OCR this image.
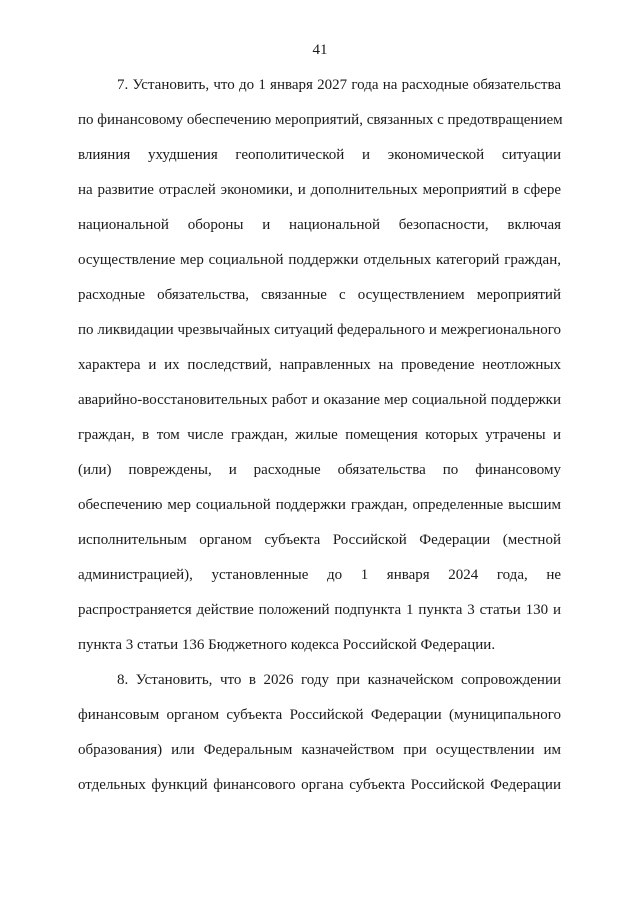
41
7. Установить, что до 1 января 2027 года на расходные обязательства
по финансовому обеспечению мероприятий, связанных с предотвращением
влияния ухудшения геополитической и экономической ситуации
на развитие отраслей экономики, и дополнительных мероприятий в сфере
национальной обороны и национальной безопасности, включая
осуществление мер социальной поддержки отдельных категорий граждан,
расходные обязательства, связанные с осуществлением мероприятий
по ликвидации чрезвычайных ситуаций федерального и межрегионального
характера и их последствий, направленных на проведение неотложных
аварийно-восстановительных работ и оказание мер социальной поддержки
граждан, в том числе граждан, жилые помещения которых утрачены и
(или) повреждены, и расходные обязательства по финансовому
обеспечению мер социальной поддержки граждан, определенные высшим
исполнительным органом субъекта Российской Федерации (местной
администрацией), установленные до 1 января 2024 года, не
распространяется действие положений подпункта 1 пункта 3 статьи 130 и
пункта 3 статьи 136 Бюджетного кодекса Российской Федерации.
8. Установить, что в 2026 году при казначейском сопровождении
финансовым органом субъекта Российской Федерации (муниципального
образования) или Федеральным казначейством при осуществлении им
отдельных функций финансового органа субъекта Российской Федерации
